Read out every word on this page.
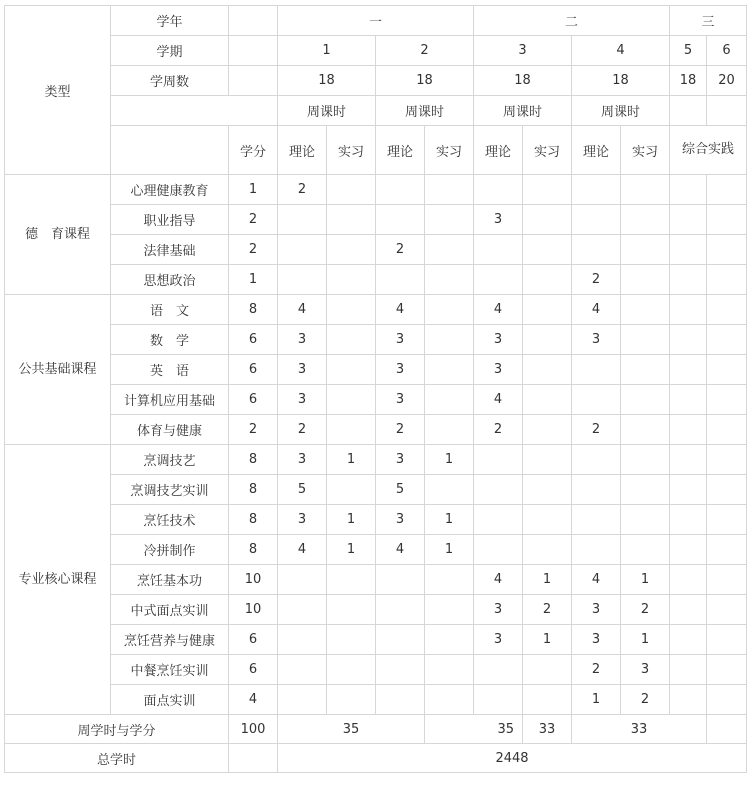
类型	学年		一				二				三	
	学期		1		2		3		4		5	6
	学周数		18		18		18		18		18	20
			周课时		周课时		周课时		周课时			
		学分	理论	实习	理论	实习	理论	实习	理论	实习	综合实践	
德　育课程	心理健康教育	1	2									
	职业指导	2					3					
	法律基础	2			2							
	思想政治	1							2			
公共基础课程	语　文	8	4		4		4		4			
	数　学	6	3		3		3		3			
	英　语	6	3		3		3					
	计算机应用基础	6	3		3		4					
	体育与健康	2	2		2		2		2			
专业核心课程	烹调技艺	8	3	1	3	1						
	烹调技艺实训	8	5		5							
	烹饪技术	8	3	1	3	1						
	冷拼制作	8	4	1	4	1						
	烹饪基本功	10					4	1	4	1		
	中式面点实训	10					3	2	3	2		
	烹饪营养与健康	6					3	1	3	1		
	中餐烹饪实训	6							2	3		
	面点实训	4							1	2		
周学时与学分		100	35			35		33	33			
总学时			2448									
